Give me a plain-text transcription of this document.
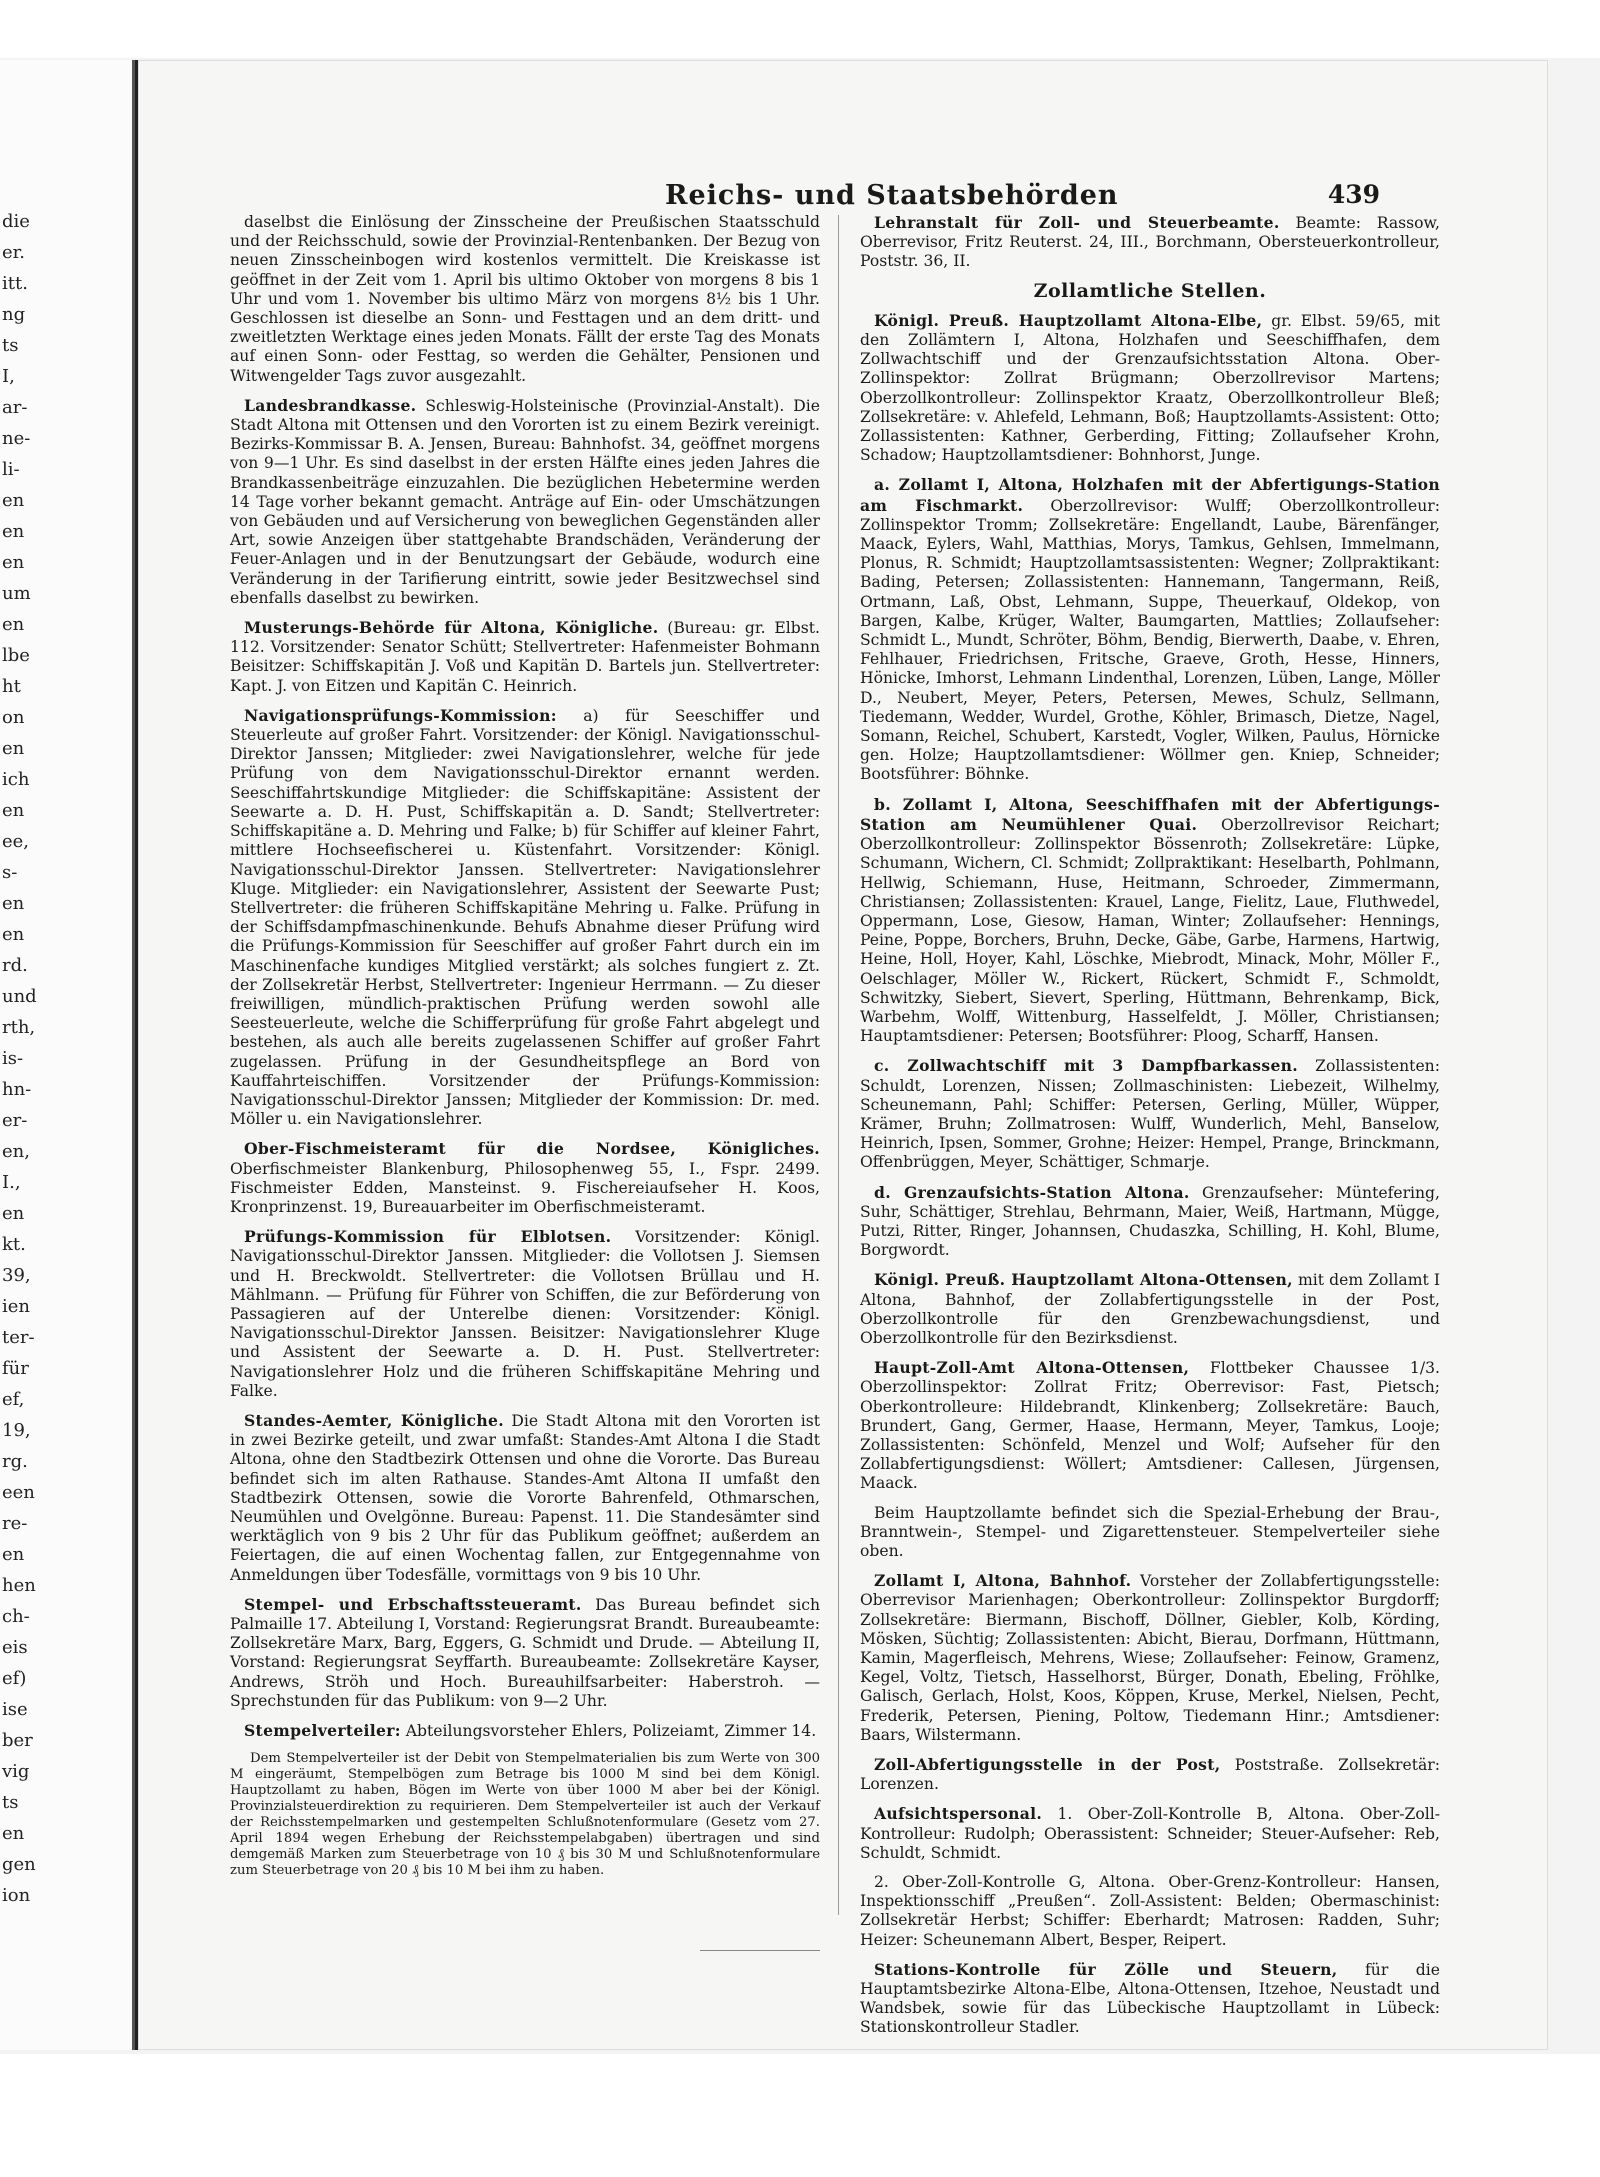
die
er.
itt.
ng
ts
I,
ar-
ne-
li-
en
en
en
um
en
lbe
ht
on
en
ich
en
ee,
s-
en
en
rd.
und
rth,
is-
hn-
er-
en,
I.,
en
kt.
39,
ien
ter-
für
ef,
19,
rg.
een
re-
en
hen
ch-
eis
ef)
ise
ber
vig
ts
en
gen
ion
Reichs- und Staatsbehörden	439

daselbst die Einlösung der Zinsscheine der Preußischen Staatsschuld und der Reichsschuld, sowie der Provinzial-Rentenbanken. Der Bezug von neuen Zinsscheinbogen wird kostenlos vermittelt. Die Kreiskasse ist geöffnet in der Zeit vom 1. April bis ultimo Oktober von morgens 8 bis 1 Uhr und vom 1. November bis ultimo März von morgens 8½ bis 1 Uhr. Geschlossen ist dieselbe an Sonn- und Festtagen und an dem dritt- und zweitletzten Werktage eines jeden Monats. Fällt der erste Tag des Monats auf einen Sonn- oder Festtag, so werden die Gehälter, Pensionen und Witwengelder Tags zuvor ausgezahlt.

Landesbrandkasse. Schleswig-Holsteinische (Provinzial-Anstalt). Die Stadt Altona mit Ottensen und den Vororten ist zu einem Bezirk vereinigt. Bezirks-Kommissar B. A. Jensen, Bureau: Bahnhofst. 34, geöffnet morgens von 9—1 Uhr. Es sind daselbst in der ersten Hälfte eines jeden Jahres die Brandkassenbeiträge einzuzahlen. Die bezüglichen Hebetermine werden 14 Tage vorher bekannt gemacht. Anträge auf Ein- oder Umschätzungen von Gebäuden und auf Versicherung von beweglichen Gegenständen aller Art, sowie Anzeigen über stattgehabte Brandschäden, Veränderung der Feuer-Anlagen und in der Benutzungsart der Gebäude, wodurch eine Veränderung in der Tarifierung eintritt, sowie jeder Besitzwechsel sind ebenfalls daselbst zu bewirken.

Musterungs-Behörde für Altona, Königliche. (Bureau: gr. Elbst. 112. Vorsitzender: Senator Schütt; Stellvertreter: Hafenmeister Bohmann Beisitzer: Schiffskapitän J. Voß und Kapitän D. Bartels jun. Stellvertreter: Kapt. J. von Eitzen und Kapitän C. Heinrich.

Navigationsprüfungs-Kommission: a) für Seeschiffer und Steuerleute auf großer Fahrt. Vorsitzender: der Königl. Navigationsschul-Direktor Janssen; Mitglieder: zwei Navigationslehrer, welche für jede Prüfung von dem Navigationsschul-Direktor ernannt werden. Seeschiffahrtskundige Mitglieder: die Schiffskapitäne: Assistent der Seewarte a. D. H. Pust, Schiffskapitän a. D. Sandt; Stellvertreter: Schiffskapitäne a. D. Mehring und Falke; b) für Schiffer auf kleiner Fahrt, mittlere Hochseefischerei u. Küstenfahrt. Vorsitzender: Königl. Navigationsschul-Direktor Janssen. Stellvertreter: Navigationslehrer Kluge. Mitglieder: ein Navigationslehrer, Assistent der Seewarte Pust; Stellvertreter: die früheren Schiffskapitäne Mehring u. Falke. Prüfung in der Schiffsdampfmaschinenkunde. Behufs Abnahme dieser Prüfung wird die Prüfungs-Kommission für Seeschiffer auf großer Fahrt durch ein im Maschinenfache kundiges Mitglied verstärkt; als solches fungiert z. Zt. der Zollsekretär Herbst, Stellvertreter: Ingenieur Herrmann. — Zu dieser freiwilligen, mündlich-praktischen Prüfung werden sowohl alle Seesteuerleute, welche die Schifferprüfung für große Fahrt abgelegt und bestehen, als auch alle bereits zugelassenen Schiffer auf großer Fahrt zugelassen. Prüfung in der Gesundheitspflege an Bord von Kauffahrteischiffen. Vorsitzender der Prüfungs-Kommission: Navigationsschul-Direktor Janssen; Mitglieder der Kommission: Dr. med. Möller u. ein Navigationslehrer.

Ober-Fischmeisteramt für die Nordsee, Königliches. Oberfischmeister Blankenburg, Philosophenweg 55, I., Fspr. 2499. Fischmeister Edden, Mansteinst. 9. Fischereiaufseher H. Koos, Kronprinzenst. 19, Bureauarbeiter im Oberfischmeisteramt.

Prüfungs-Kommission für Elblotsen. Vorsitzender: Königl. Navigationsschul-Direktor Janssen. Mitglieder: die Vollotsen J. Siemsen und H. Breckwoldt. Stellvertreter: die Vollotsen Brüllau und H. Mählmann. — Prüfung für Führer von Schiffen, die zur Beförderung von Passagieren auf der Unterelbe dienen: Vorsitzender: Königl. Navigationsschul-Direktor Janssen. Beisitzer: Navigationslehrer Kluge und Assistent der Seewarte a. D. H. Pust. Stellvertreter: Navigationslehrer Holz und die früheren Schiffskapitäne Mehring und Falke.

Standes-Aemter, Königliche. Die Stadt Altona mit den Vororten ist in zwei Bezirke geteilt, und zwar umfaßt: Standes-Amt Altona I die Stadt Altona, ohne den Stadtbezirk Ottensen und ohne die Vororte. Das Bureau befindet sich im alten Rathause. Standes-Amt Altona II umfaßt den Stadtbezirk Ottensen, sowie die Vororte Bahrenfeld, Othmarschen, Neumühlen und Ovelgönne. Bureau: Papenst. 11. Die Standesämter sind werktäglich von 9 bis 2 Uhr für das Publikum geöffnet; außerdem an Feiertagen, die auf einen Wochentag fallen, zur Entgegennahme von Anmeldungen über Todesfälle, vormittags von 9 bis 10 Uhr.

Stempel- und Erbschaftssteueramt. Das Bureau befindet sich Palmaille 17. Abteilung I, Vorstand: Regierungsrat Brandt. Bureaubeamte: Zollsekretäre Marx, Barg, Eggers, G. Schmidt und Drude. — Abteilung II, Vorstand: Regierungsrat Seyffarth. Bureaubeamte: Zollsekretäre Kayser, Andrews, Ströh und Hoch. Bureauhilfsarbeiter: Haberstroh. — Sprechstunden für das Publikum: von 9—2 Uhr.

Stempelverteiler: Abteilungsvorsteher Ehlers, Polizeiamt, Zimmer 14.

Dem Stempelverteiler ist der Debit von Stempelmaterialien bis zum Werte von 300 M eingeräumt, Stempelbögen zum Betrage bis 1000 M sind bei dem Königl. Hauptzollamt zu haben, Bögen im Werte von über 1000 M aber bei der Königl. Provinzialsteuerdirektion zu requirieren. Dem Stempelverteiler ist auch der Verkauf der Reichsstempelmarken und gestempelten Schlußnotenformulare (Gesetz vom 27. April 1894 wegen Erhebung der Reichsstempelabgaben) übertragen und sind demgemäß Marken zum Steuerbetrage von 10 ₰ bis 30 M und Schlußnotenformulare zum Steuerbetrage von 20 ₰ bis 10 M bei ihm zu haben.

Lehranstalt für Zoll- und Steuerbeamte. Beamte: Rassow, Oberrevisor, Fritz Reuterst. 24, III., Borchmann, Obersteuerkontrolleur, Poststr. 36, II.

Zollamtliche Stellen.

Königl. Preuß. Hauptzollamt Altona-Elbe, gr. Elbst. 59/65, mit den Zollämtern I, Altona, Holzhafen und Seeschiffhafen, dem Zollwachtschiff und der Grenzaufsichtsstation Altona. Ober-Zollinspektor: Zollrat Brügmann; Oberzollrevisor Martens; Oberzollkontrolleur: Zollinspektor Kraatz, Oberzollkontrolleur Bleß; Zollsekretäre: v. Ahlefeld, Lehmann, Boß; Hauptzollamts-Assistent: Otto; Zollassistenten: Kathner, Gerberding, Fitting; Zollaufseher Krohn, Schadow; Hauptzollamtsdiener: Bohnhorst, Junge.

a. Zollamt I, Altona, Holzhafen mit der Abfertigungs-Station am Fischmarkt. Oberzollrevisor: Wulff; Oberzollkontrolleur: Zollinspektor Tromm; Zollsekretäre: Engellandt, Laube, Bärenfänger, Maack, Eylers, Wahl, Matthias, Morys, Tamkus, Gehlsen, Immelmann, Plonus, R. Schmidt; Hauptzollamtsassistenten: Wegner; Zollpraktikant: Bading, Petersen; Zollassistenten: Hannemann, Tangermann, Reiß, Ortmann, Laß, Obst, Lehmann, Suppe, Theuerkauf, Oldekop, von Bargen, Kalbe, Krüger, Walter, Baumgarten, Mattlies; Zollaufseher: Schmidt L., Mundt, Schröter, Böhm, Bendig, Bierwerth, Daabe, v. Ehren, Fehlhauer, Friedrichsen, Fritsche, Graeve, Groth, Hesse, Hinners, Hönicke, Imhorst, Lehmann Lindenthal, Lorenzen, Lüben, Lange, Möller D., Neubert, Meyer, Peters, Petersen, Mewes, Schulz, Sellmann, Tiedemann, Wedder, Wurdel, Grothe, Köhler, Brimasch, Dietze, Nagel, Somann, Reichel, Schubert, Karstedt, Vogler, Wilken, Paulus, Hörnicke gen. Holze; Hauptzollamtsdiener: Wöllmer gen. Kniep, Schneider; Bootsführer: Böhnke.

b. Zollamt I, Altona, Seeschiffhafen mit der Abfertigungs-Station am Neumühlener Quai. Oberzollrevisor Reichart; Oberzollkontrolleur: Zollinspektor Bössenroth; Zollsekretäre: Lüpke, Schumann, Wichern, Cl. Schmidt; Zollpraktikant: Heselbarth, Pohlmann, Hellwig, Schiemann, Huse, Heitmann, Schroeder, Zimmermann, Christiansen; Zollassistenten: Krauel, Lange, Fielitz, Laue, Fluthwedel, Oppermann, Lose, Giesow, Haman, Winter; Zollaufseher: Hennings, Peine, Poppe, Borchers, Bruhn, Decke, Gäbe, Garbe, Harmens, Hartwig, Heine, Holl, Hoyer, Kahl, Löschke, Miebrodt, Minack, Mohr, Möller F., Oelschlager, Möller W., Rickert, Rückert, Schmidt F., Schmoldt, Schwitzky, Siebert, Sievert, Sperling, Hüttmann, Behrenkamp, Bick, Warbehm, Wolff, Wittenburg, Hasselfeldt, J. Möller, Christiansen; Hauptamtsdiener: Petersen; Bootsführer: Ploog, Scharff, Hansen.

c. Zollwachtschiff mit 3 Dampfbarkassen. Zollassistenten: Schuldt, Lorenzen, Nissen; Zollmaschinisten: Liebezeit, Wilhelmy, Scheunemann, Pahl; Schiffer: Petersen, Gerling, Müller, Wüpper, Krämer, Bruhn; Zollmatrosen: Wulff, Wunderlich, Mehl, Banselow, Heinrich, Ipsen, Sommer, Grohne; Heizer: Hempel, Prange, Brinckmann, Offenbrüggen, Meyer, Schättiger, Schmarje.

d. Grenzaufsichts-Station Altona. Grenzaufseher: Müntefering, Suhr, Schättiger, Strehlau, Behrmann, Maier, Weiß, Hartmann, Mügge, Putzi, Ritter, Ringer, Johannsen, Chudaszka, Schilling, H. Kohl, Blume, Borgwordt.

Königl. Preuß. Hauptzollamt Altona-Ottensen, mit dem Zollamt I Altona, Bahnhof, der Zollabfertigungsstelle in der Post, Oberzollkontrolle für den Grenzbewachungsdienst, und Oberzollkontrolle für den Bezirksdienst.

Haupt-Zoll-Amt Altona-Ottensen, Flottbeker Chaussee 1/3. Oberzollinspektor: Zollrat Fritz; Oberrevisor: Fast, Pietsch; Oberkontrolleure: Hildebrandt, Klinkenberg; Zollsekretäre: Bauch, Brundert, Gang, Germer, Haase, Hermann, Meyer, Tamkus, Looje; Zollassistenten: Schönfeld, Menzel und Wolf; Aufseher für den Zollabfertigungsdienst: Wöllert; Amtsdiener: Callesen, Jürgensen, Maack.

Beim Hauptzollamte befindet sich die Spezial-Erhebung der Brau-, Branntwein-, Stempel- und Zigarettensteuer. Stempelverteiler siehe oben.

Zollamt I, Altona, Bahnhof. Vorsteher der Zollabfertigungsstelle: Oberrevisor Marienhagen; Oberkontrolleur: Zollinspektor Burgdorff; Zollsekretäre: Biermann, Bischoff, Döllner, Giebler, Kolb, Körding, Mösken, Süchtig; Zollassistenten: Abicht, Bierau, Dorfmann, Hüttmann, Kamin, Magerfleisch, Mehrens, Wiese; Zollaufseher: Feinow, Gramenz, Kegel, Voltz, Tietsch, Hasselhorst, Bürger, Donath, Ebeling, Fröhlke, Galisch, Gerlach, Holst, Koos, Köppen, Kruse, Merkel, Nielsen, Pecht, Frederik, Petersen, Piening, Poltow, Tiedemann Hinr.; Amtsdiener: Baars, Wilstermann.

Zoll-Abfertigungsstelle in der Post, Poststraße. Zollsekretär: Lorenzen.

Aufsichtspersonal. 1. Ober-Zoll-Kontrolle B, Altona. Ober-Zoll-Kontrolleur: Rudolph; Oberassistent: Schneider; Steuer-Aufseher: Reb, Schuldt, Schmidt.

2. Ober-Zoll-Kontrolle G, Altona. Ober-Grenz-Kontrolleur: Hansen, Inspektionsschiff „Preußen“. Zoll-Assistent: Belden; Obermaschinist: Zollsekretär Herbst; Schiffer: Eberhardt; Matrosen: Radden, Suhr; Heizer: Scheunemann Albert, Besper, Reipert.

Stations-Kontrolle für Zölle und Steuern, für die Hauptamtsbezirke Altona-Elbe, Altona-Ottensen, Itzehoe, Neustadt und Wandsbek, sowie für das Lübeckische Hauptzollamt in Lübeck: Stationskontrolleur Stadler.
